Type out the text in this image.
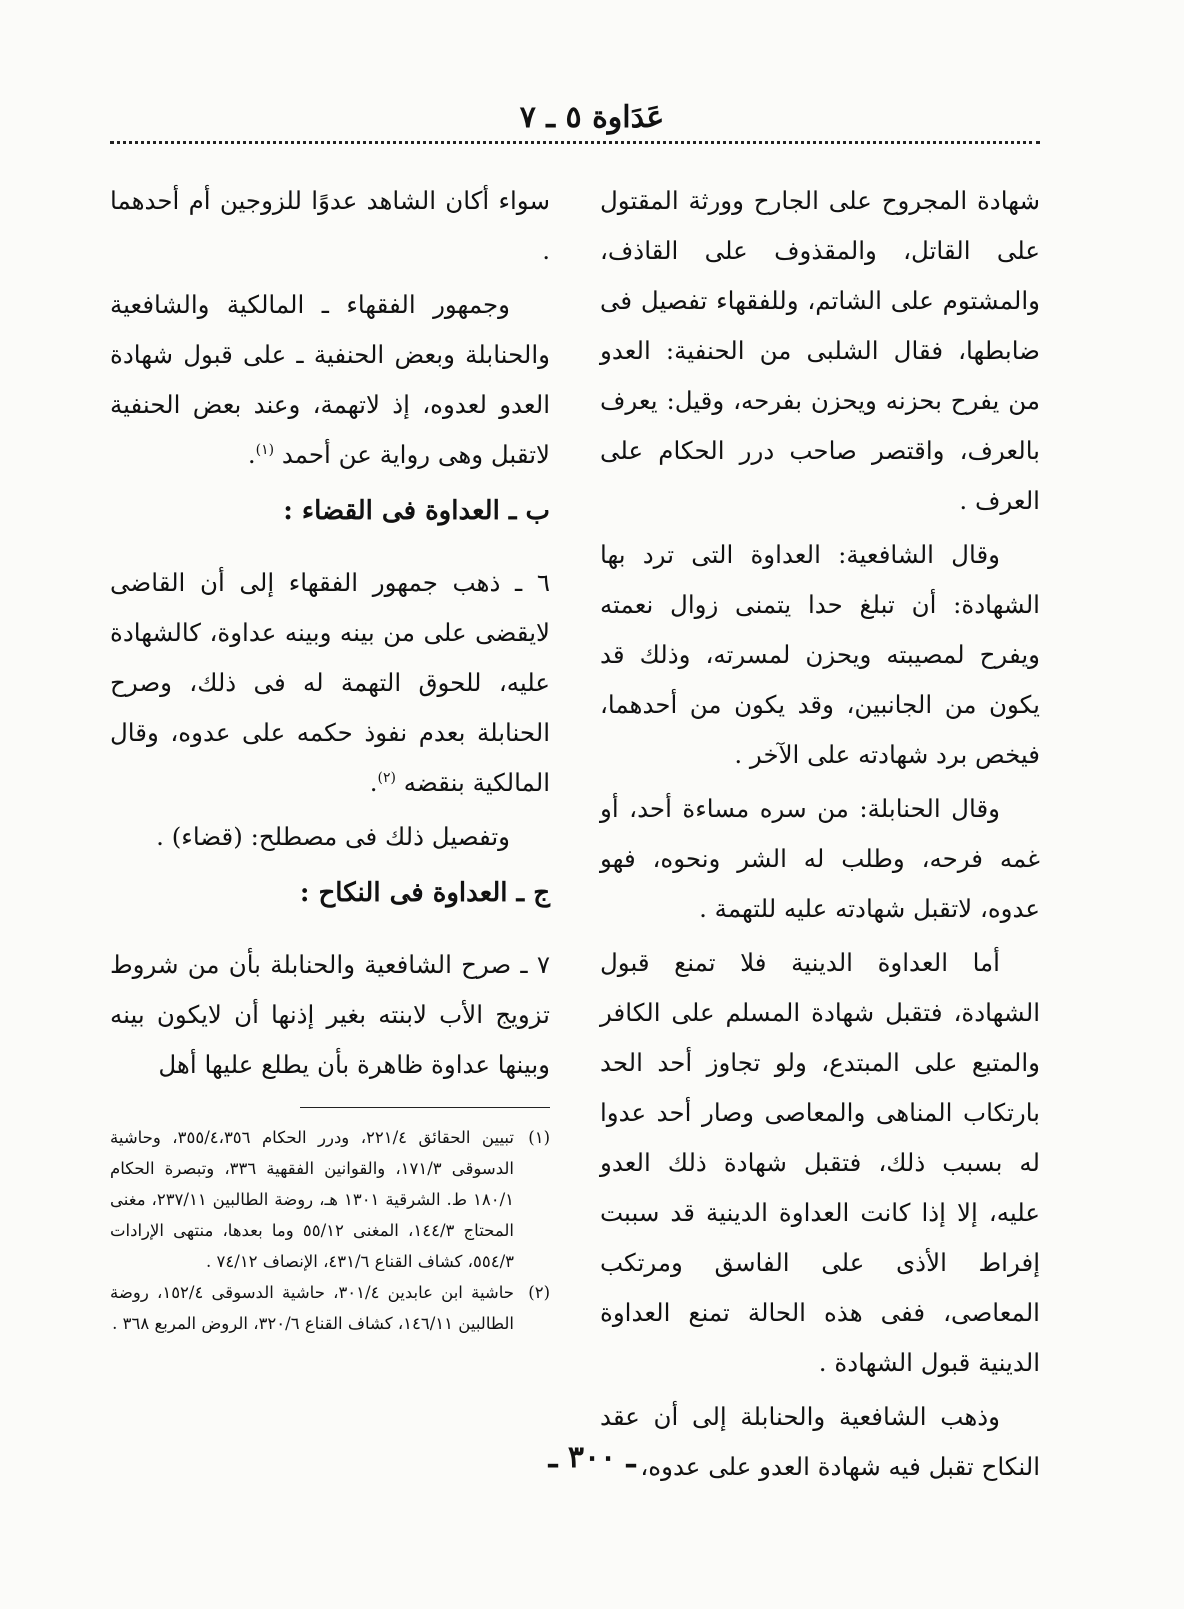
عَدَاوة ٥ ـ ٧

شهادة المجروح على الجارح وورثة المقتول على القاتل، والمقذوف على القاذف، والمشتوم على الشاتم، وللفقهاء تفصيل فى ضابطها، فقال الشلبى من الحنفية: العدو من يفرح بحزنه ويحزن بفرحه، وقيل: يعرف بالعرف، واقتصر صاحب درر الحكام على العرف .

وقال الشافعية: العداوة التى ترد بها الشهادة: أن تبلغ حدا يتمنى زوال نعمته ويفرح لمصيبته ويحزن لمسرته، وذلك قد يكون من الجانبين، وقد يكون من أحدهما، فيخص برد شهادته على الآخر .

وقال الحنابلة: من سره مساءة أحد، أو غمه فرحه، وطلب له الشر ونحوه، فهو عدوه، لاتقبل شهادته عليه للتهمة .

أما العداوة الدينية فلا تمنع قبول الشهادة، فتقبل شهادة المسلم على الكافر والمتبع على المبتدع، ولو تجاوز أحد الحد بارتكاب المناهى والمعاصى وصار أحد عدوا له بسبب ذلك، فتقبل شهادة ذلك العدو عليه، إلا إذا كانت العداوة الدينية قد سببت إفراط الأذى على الفاسق ومرتكب المعاصى، ففى هذه الحالة تمنع العداوة الدينية قبول الشهادة .

وذهب الشافعية والحنابلة إلى أن عقد النكاح تقبل فيه شهادة العدو على عدوه،

سواء أكان الشاهد عدوًا للزوجين أم أحدهما .

وجمهور الفقهاء ـ المالكية والشافعية والحنابلة وبعض الحنفية ـ على قبول شهادة العدو لعدوه، إذ لاتهمة، وعند بعض الحنفية لاتقبل وهى رواية عن أحمد $^{(١)}$.

ب ـ العداوة فى القضاء :

٦ ـ ذهب جمهور الفقهاء إلى أن القاضى لايقضى على من بينه وبينه عداوة، كالشهادة عليه، للحوق التهمة له فى ذلك، وصرح الحنابلة بعدم نفوذ حكمه على عدوه، وقال المالكية بنقضه $^{(٢)}$.

وتفصيل ذلك فى مصطلح: (قضاء) .

ج ـ العداوة فى النكاح :

٧ ـ صرح الشافعية والحنابلة بأن من شروط تزويج الأب لابنته بغير إذنها أن لايكون بينه وبينها عداوة ظاهرة بأن يطلع عليها أهل

(١)
تبيين الحقائق ٢٢١/٤، ودرر الحكام ٣٥٥/٤،٣٥٦، وحاشية الدسوقى ١٧١/٣، والقوانين الفقهية ٣٣٦، وتبصرة الحكام ١٨٠/١ ط. الشرقية ١٣٠١ هـ، روضة الطالبين ٢٣٧/١١، مغنى المحتاج ١٤٤/٣، المغنى ٥٥/١٢ وما بعدها، منتهى الإرادات ٥٥٤/٣، كشاف القناع ٤٣١/٦، الإنصاف ٧٤/١٢ .
(٢)
حاشية ابن عابدين ٣٠١/٤، حاشية الدسوقى ١٥٢/٤، روضة الطالبين ١٤٦/١١، كشاف القناع ٣٢٠/٦، الروض المربع ٣٦٨ .
ـ ٣٠٠ ـ
